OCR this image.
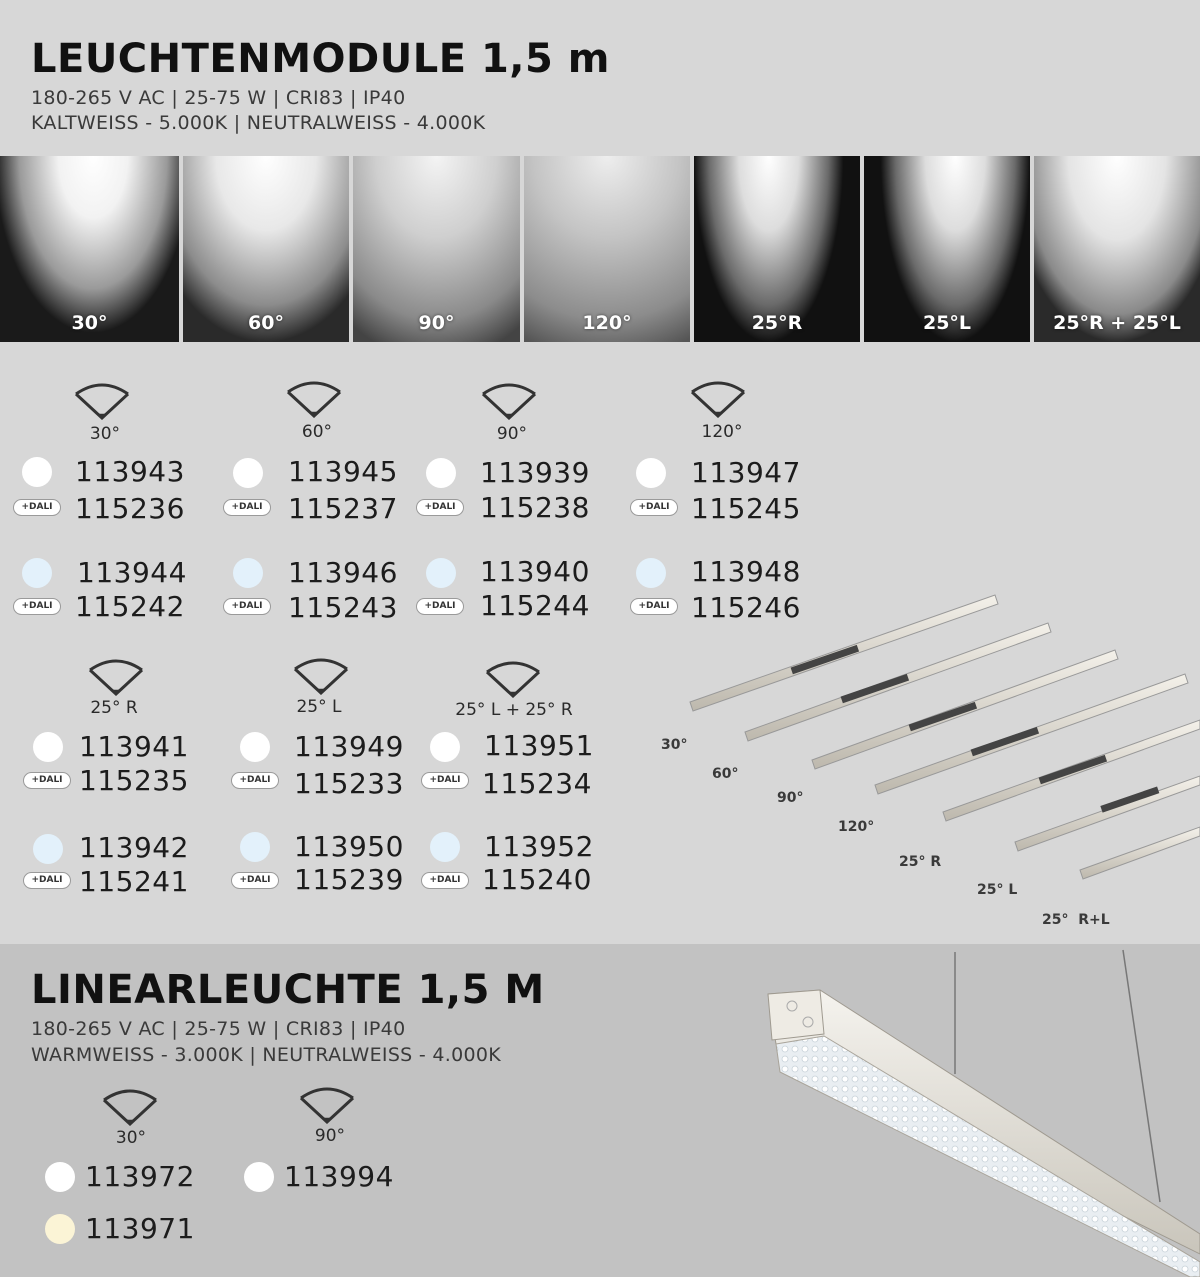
LEUCHTENMODULE 1,5 m
180-265 V AC | 25-75 W | CRI83 | IP40
KALTWEISS - 5.000K | NEUTRALWEISS - 4.000K
30°	60°	90°	120°	25°R	25°L	25°R + 25°L
30°
113943
+DALI 115236
113944
+DALI 115242
60°
113945
+DALI 115237
113946
+DALI 115243
90°
113939
+DALI 115238
113940
+DALI 115244
120°
113947
+DALI 115245
113948
+DALI 115246
25° R
113941
+DALI 115235
113942
+DALI 115241
25° L
113949
+DALI 115233
113950
+DALI 115239
25° L + 25° R
113951
+DALI 115234
113952
+DALI 115240
30°
60°
90°
120°
25° R
25° L
25°  R+L
LINEARLEUCHTE 1,5 M
180-265 V AC | 25-75 W | CRI83 | IP40
WARMWEISS - 3.000K | NEUTRALWEISS - 4.000K
30°
113972
113971
90°
113994
